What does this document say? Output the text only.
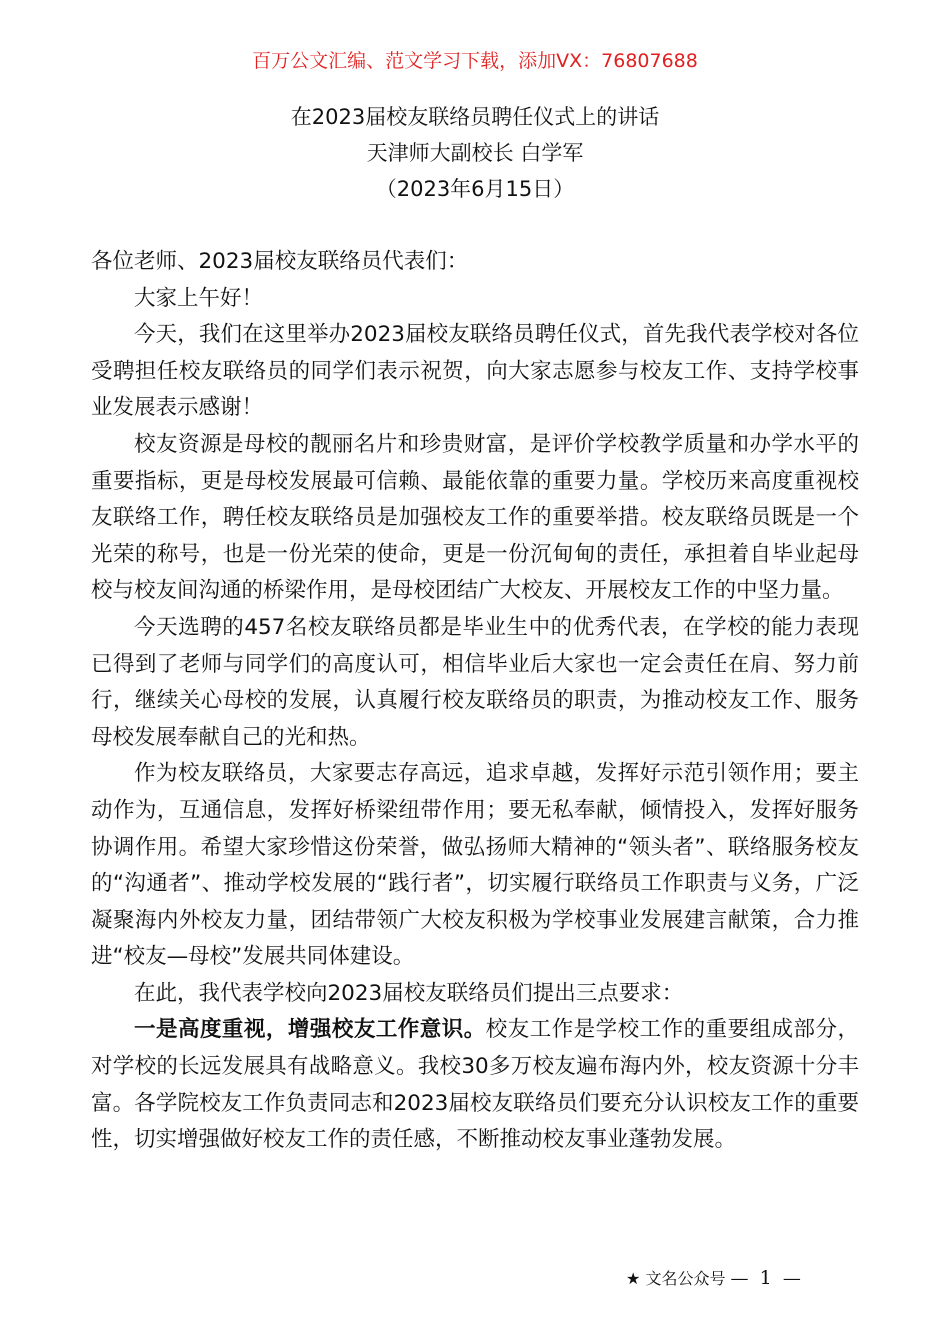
百万公文汇编、范文学习下载，添加VX：76807688
在2023届校友联络员聘任仪式上的讲话
天津师大副校长 白学军
（2023年6月15日）

各位老师、2023届校友联络员代表们：

大家上午好！

今天，我们在这里举办2023届校友联络员聘任仪式，首先我代表学校对各位受聘担任校友联络员的同学们表示祝贺，向大家志愿参与校友工作、支持学校事业发展表示感谢！

校友资源是母校的靓丽名片和珍贵财富，是评价学校教学质量和办学水平的重要指标，更是母校发展最可信赖、最能依靠的重要力量。学校历来高度重视校友联络工作，聘任校友联络员是加强校友工作的重要举措。校友联络员既是一个光荣的称号，也是一份光荣的使命，更是一份沉甸甸的责任，承担着自毕业起母校与校友间沟通的桥梁作用，是母校团结广大校友、开展校友工作的中坚力量。

今天选聘的457名校友联络员都是毕业生中的优秀代表，在学校的能力表现已得到了老师与同学们的高度认可，相信毕业后大家也一定会责任在肩、努力前行，继续关心母校的发展，认真履行校友联络员的职责，为推动校友工作、服务母校发展奉献自己的光和热。

作为校友联络员，大家要志存高远，追求卓越，发挥好示范引领作用；要主动作为，互通信息，发挥好桥梁纽带作用；要无私奉献，倾情投入，发挥好服务协调作用。希望大家珍惜这份荣誉，做弘扬师大精神的“领头者”、联络服务校友的“沟通者”、推动学校发展的“践行者”，切实履行联络员工作职责与义务，广泛凝聚海内外校友力量，团结带领广大校友积极为学校事业发展建言献策，合力推进“校友—母校”发展共同体建设。

在此，我代表学校向2023届校友联络员们提出三点要求：

一是高度重视，增强校友工作意识。校友工作是学校工作的重要组成部分，对学校的长远发展具有战略意义。我校30多万校友遍布海内外，校友资源十分丰富。各学院校友工作负责同志和2023届校友联络员们要充分认识校友工作的重要性，切实增强做好校友工作的责任感，不断推动校友事业蓬勃发展。

★ 文名公众号 — 1 —
